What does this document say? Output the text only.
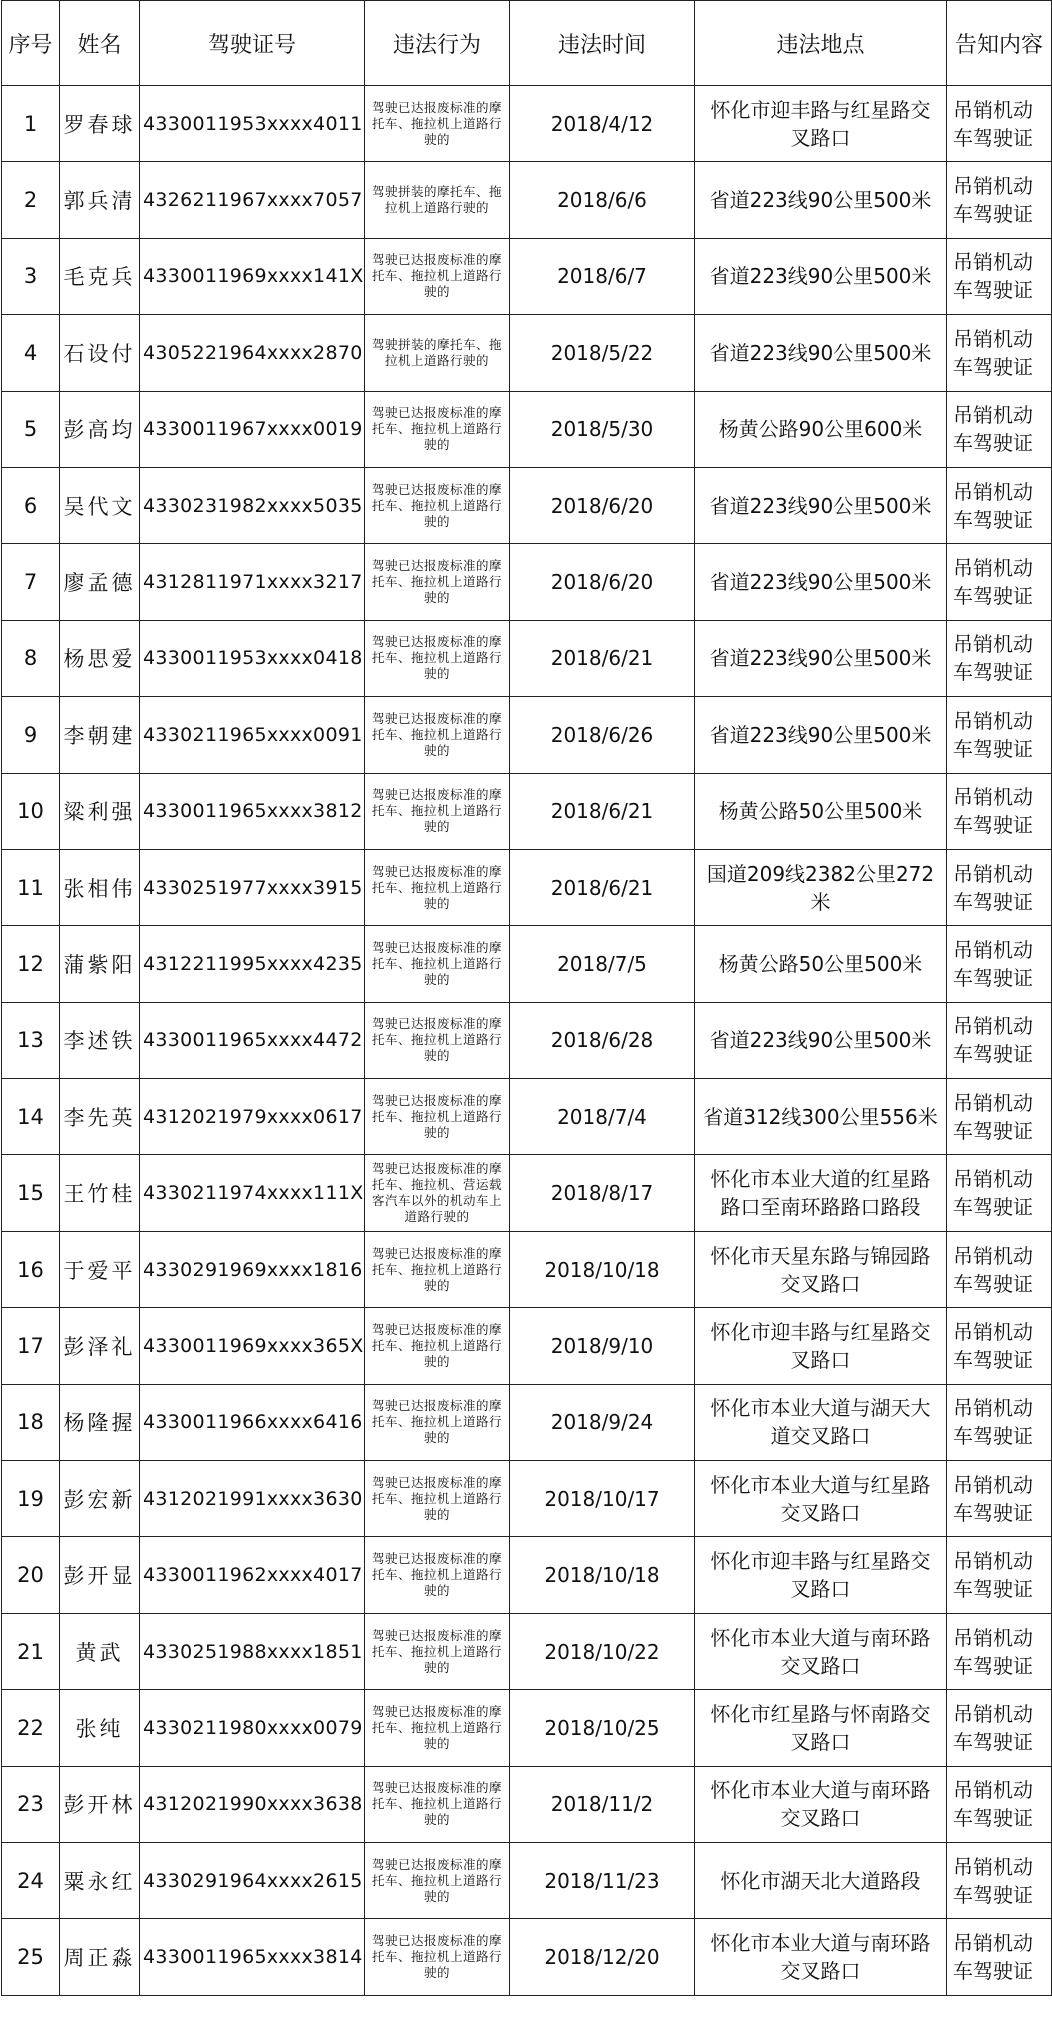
序号	姓名	驾驶证号	违法行为	违法时间	违法地点	告知内容
1	罗春球	4330011953xxxx4011	驾驶已达报废标准的摩托车、拖拉机上道路行驶的	2018/4/12	怀化市迎丰路与红星路交叉路口	吊销机动车驾驶证
2	郭兵清	4326211967xxxx7057	驾驶拼装的摩托车、拖拉机上道路行驶的	2018/6/6	省道223线90公里500米	吊销机动车驾驶证
3	毛克兵	4330011969xxxx141X	驾驶已达报废标准的摩托车、拖拉机上道路行驶的	2018/6/7	省道223线90公里500米	吊销机动车驾驶证
4	石设付	4305221964xxxx2870	驾驶拼装的摩托车、拖拉机上道路行驶的	2018/5/22	省道223线90公里500米	吊销机动车驾驶证
5	彭高均	4330011967xxxx0019	驾驶已达报废标准的摩托车、拖拉机上道路行驶的	2018/5/30	杨黄公路90公里600米	吊销机动车驾驶证
6	吴代文	4330231982xxxx5035	驾驶已达报废标准的摩托车、拖拉机上道路行驶的	2018/6/20	省道223线90公里500米	吊销机动车驾驶证
7	廖孟德	4312811971xxxx3217	驾驶已达报废标准的摩托车、拖拉机上道路行驶的	2018/6/20	省道223线90公里500米	吊销机动车驾驶证
8	杨思爱	4330011953xxxx0418	驾驶已达报废标准的摩托车、拖拉机上道路行驶的	2018/6/21	省道223线90公里500米	吊销机动车驾驶证
9	李朝建	4330211965xxxx0091	驾驶已达报废标准的摩托车、拖拉机上道路行驶的	2018/6/26	省道223线90公里500米	吊销机动车驾驶证
10	粱利强	4330011965xxxx3812	驾驶已达报废标准的摩托车、拖拉机上道路行驶的	2018/6/21	杨黄公路50公里500米	吊销机动车驾驶证
11	张相伟	4330251977xxxx3915	驾驶已达报废标准的摩托车、拖拉机上道路行驶的	2018/6/21	国道209线2382公里272米	吊销机动车驾驶证
12	蒲紫阳	4312211995xxxx4235	驾驶已达报废标准的摩托车、拖拉机上道路行驶的	2018/7/5	杨黄公路50公里500米	吊销机动车驾驶证
13	李述铁	4330011965xxxx4472	驾驶已达报废标准的摩托车、拖拉机上道路行驶的	2018/6/28	省道223线90公里500米	吊销机动车驾驶证
14	李先英	4312021979xxxx0617	驾驶已达报废标准的摩托车、拖拉机上道路行驶的	2018/7/4	省道312线300公里556米	吊销机动车驾驶证
15	王竹桂	4330211974xxxx111X	驾驶已达报废标准的摩托车、拖拉机、营运载客汽车以外的机动车上道路行驶的	2018/8/17	怀化市本业大道的红星路路口至南环路路口路段	吊销机动车驾驶证
16	于爱平	4330291969xxxx1816	驾驶已达报废标准的摩托车、拖拉机上道路行驶的	2018/10/18	怀化市天星东路与锦园路交叉路口	吊销机动车驾驶证
17	彭泽礼	4330011969xxxx365X	驾驶已达报废标准的摩托车、拖拉机上道路行驶的	2018/9/10	怀化市迎丰路与红星路交叉路口	吊销机动车驾驶证
18	杨隆握	4330011966xxxx6416	驾驶已达报废标准的摩托车、拖拉机上道路行驶的	2018/9/24	怀化市本业大道与湖天大道交叉路口	吊销机动车驾驶证
19	彭宏新	4312021991xxxx3630	驾驶已达报废标准的摩托车、拖拉机上道路行驶的	2018/10/17	怀化市本业大道与红星路交叉路口	吊销机动车驾驶证
20	彭开显	4330011962xxxx4017	驾驶已达报废标准的摩托车、拖拉机上道路行驶的	2018/10/18	怀化市迎丰路与红星路交叉路口	吊销机动车驾驶证
21	黄武	4330251988xxxx1851	驾驶已达报废标准的摩托车、拖拉机上道路行驶的	2018/10/22	怀化市本业大道与南环路交叉路口	吊销机动车驾驶证
22	张纯	4330211980xxxx0079	驾驶已达报废标准的摩托车、拖拉机上道路行驶的	2018/10/25	怀化市红星路与怀南路交叉路口	吊销机动车驾驶证
23	彭开林	4312021990xxxx3638	驾驶已达报废标准的摩托车、拖拉机上道路行驶的	2018/11/2	怀化市本业大道与南环路交叉路口	吊销机动车驾驶证
24	粟永红	4330291964xxxx2615	驾驶已达报废标准的摩托车、拖拉机上道路行驶的	2018/11/23	怀化市湖天北大道路段	吊销机动车驾驶证
25	周正淼	4330011965xxxx3814	驾驶已达报废标准的摩托车、拖拉机上道路行驶的	2018/12/20	怀化市本业大道与南环路交叉路口	吊销机动车驾驶证
